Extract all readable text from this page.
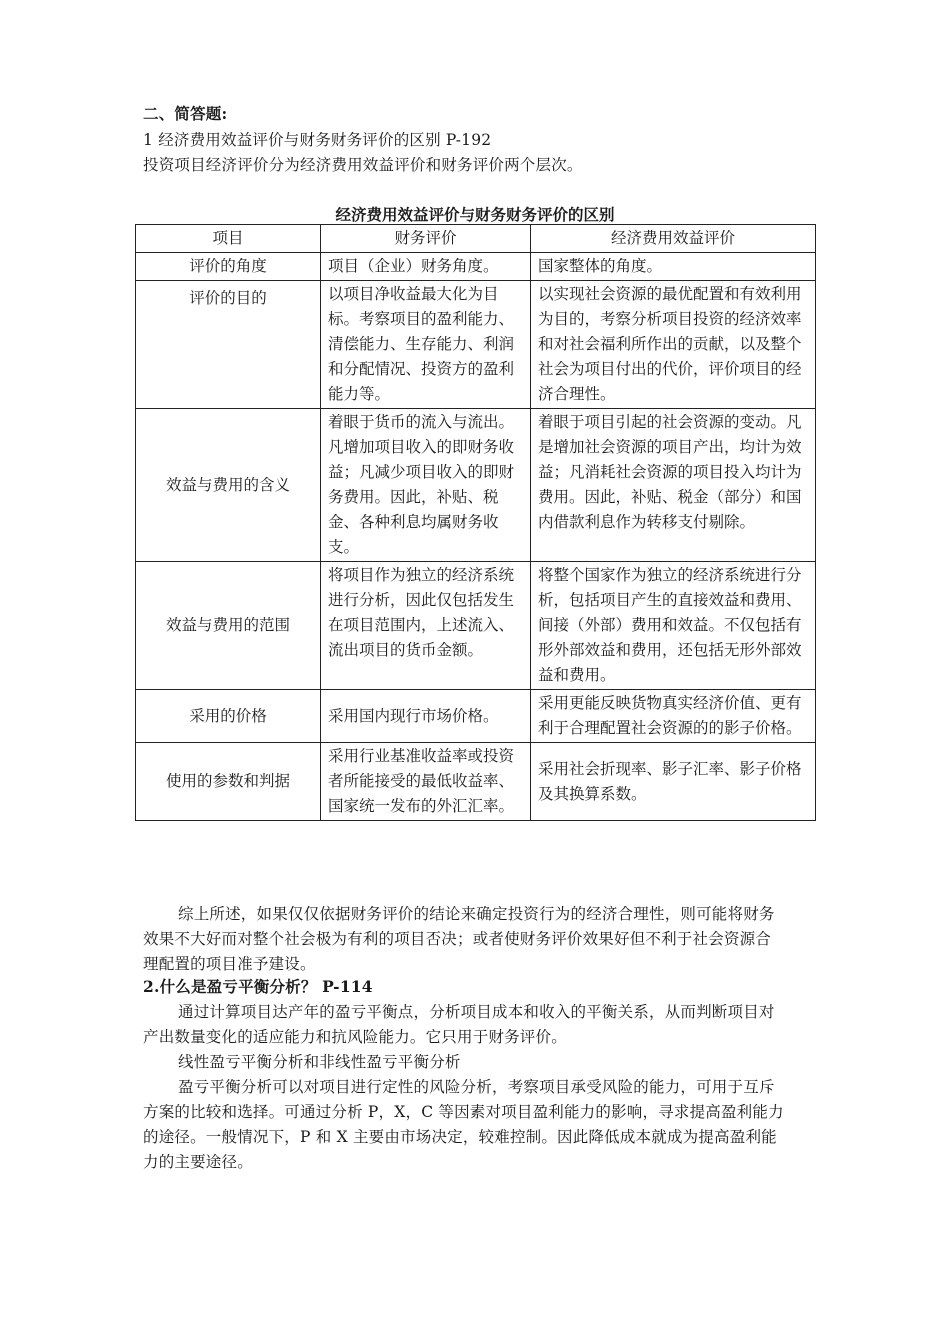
二、简答题:
1 经济费用效益评价与财务财务评价的区别 P-192
投资项目经济评价分为经济费用效益评价和财务评价两个层次。
经济费用效益评价与财务财务评价的区别
项目	财务评价	经济费用效益评价
评价的角度	项目（企业）财务角度。	国家整体的角度。
评价的目的	以项目净收益最大化为目标。考察项目的盈利能力、清偿能力、生存能力、利润和分配情况、投资方的盈利能力等。	以实现社会资源的最优配置和有效利用为目的，考察分析项目投资的经济效率和对社会福利所作出的贡献，以及整个社会为项目付出的代价，评价项目的经济合理性。
效益与费用的含义	着眼于货币的流入与流出。凡增加项目收入的即财务收益；凡减少项目收入的即财务费用。因此，补贴、税金、各种利息均属财务收支。	着眼于项目引起的社会资源的变动。凡是增加社会资源的项目产出，均计为效益；凡消耗社会资源的项目投入均计为费用。因此，补贴、税金（部分）和国内借款利息作为转移支付剔除。
效益与费用的范围	将项目作为独立的经济系统进行分析，因此仅包括发生在项目范围内，上述流入、流出项目的货币金额。	将整个国家作为独立的经济系统进行分析，包括项目产生的直接效益和费用、间接（外部）费用和效益。不仅包括有形外部效益和费用，还包括无形外部效益和费用。
采用的价格	采用国内现行市场价格。	采用更能反映货物真实经济价值、更有利于合理配置社会资源的的影子价格。
使用的参数和判据	采用行业基准收益率或投资者所能接受的最低收益率、国家统一发布的外汇汇率。	采用社会折现率、影子汇率、影子价格及其换算系数。
综上所述，如果仅仅依据财务评价的结论来确定投资行为的经济合理性，则可能将财务
效果不大好而对整个社会极为有利的项目否决；或者使财务评价效果好但不利于社会资源合
理配置的项目准予建设。
2.什么是盈亏平衡分析？ P-114
通过计算项目达产年的盈亏平衡点，分析项目成本和收入的平衡关系，从而判断项目对
产出数量变化的适应能力和抗风险能力。它只用于财务评价。
线性盈亏平衡分析和非线性盈亏平衡分析
盈亏平衡分析可以对项目进行定性的风险分析，考察项目承受风险的能力，可用于互斥
方案的比较和选择。可通过分析 P，X，C 等因素对项目盈利能力的影响，寻求提高盈利能力
的途径。一般情况下，P 和 X 主要由市场决定，较难控制。因此降低成本就成为提高盈利能
力的主要途径。
